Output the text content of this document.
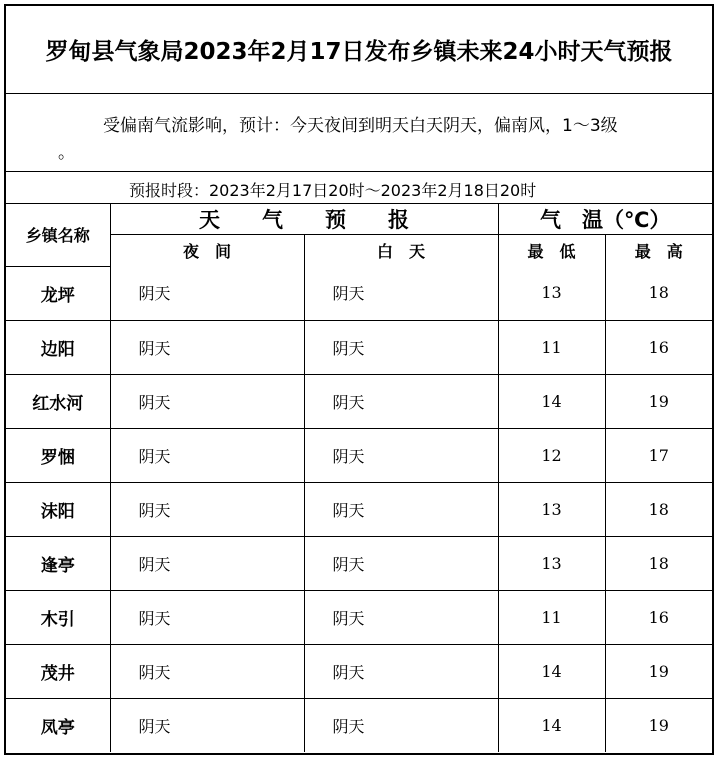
罗甸县气象局2023年2月17日发布乡镇未来24小时天气预报
受偏南气流影响，预计：今天夜间到明天白天阴天，偏南风，1～3级
。
预报时段：2023年2月17日20时～2023年2月18日20时
乡镇名称	天　　气　　预　　报		气　温（℃）	
	夜　间	白　天	最　低	最　高
龙坪	阴天	阴天	13	18
边阳	阴天	阴天	11	16
红水河	阴天	阴天	14	19
罗悃	阴天	阴天	12	17
沫阳	阴天	阴天	13	18
逢亭	阴天	阴天	13	18
木引	阴天	阴天	11	16
茂井	阴天	阴天	14	19
凤亭	阴天	阴天	14	19
